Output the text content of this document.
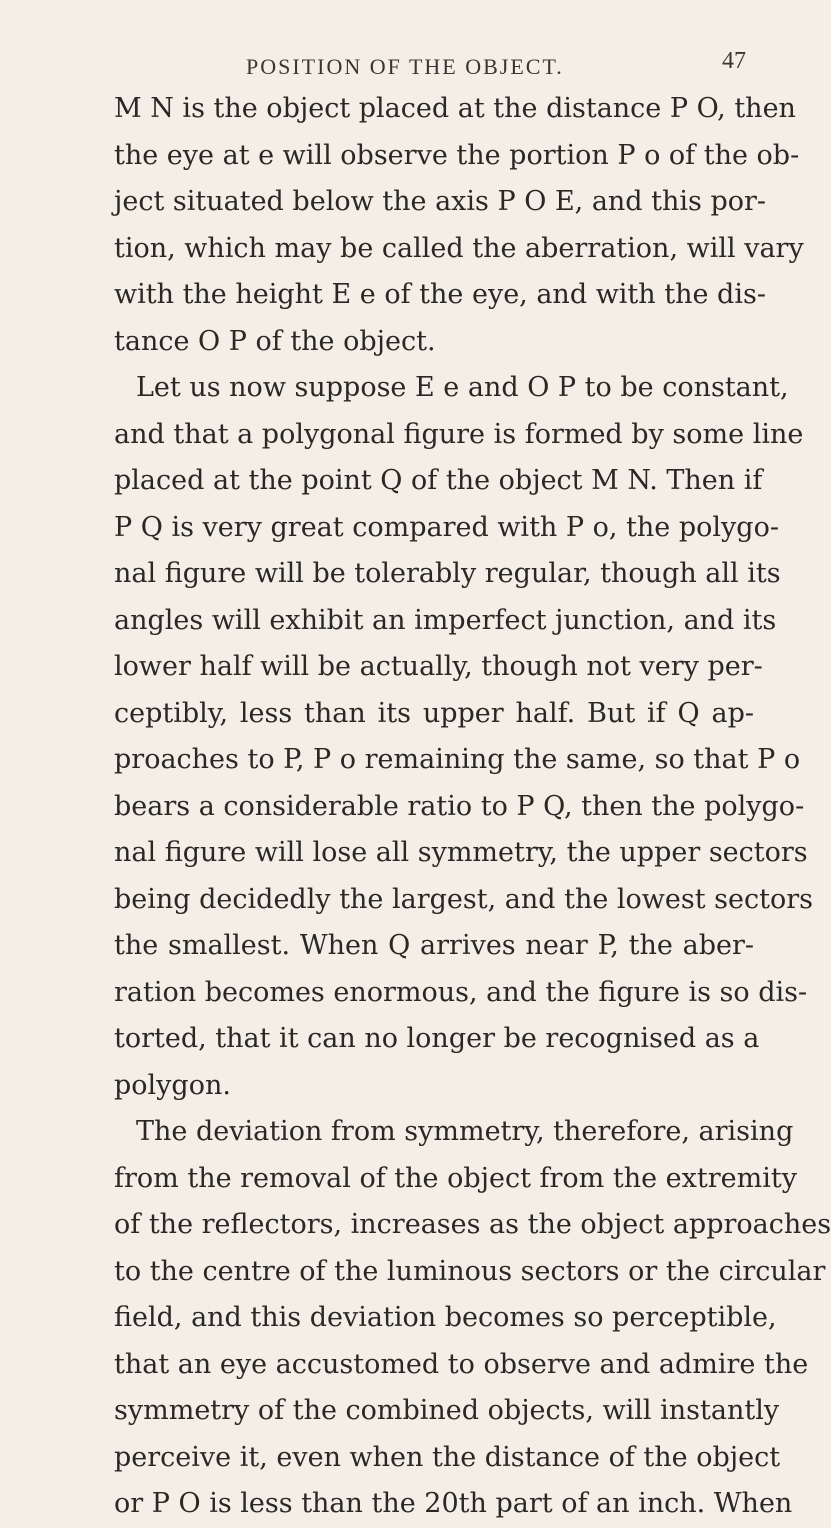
POSITION OF THE OBJECT.	47
M N is the object placed at the distance P O, then
the eye at e will observe the portion P o of the ob-
ject situated below the axis P O E, and this por-
tion, which may be called the aberration, will vary
with the height E e of the eye, and with the dis-
tance O P of the object.
Let us now suppose E e and O P to be constant,
and that a polygonal figure is formed by some line
placed at the point Q of the object M N. Then if
P Q is very great compared with P o, the polygo-
nal figure will be tolerably regular, though all its
angles will exhibit an imperfect junction, and its
lower half will be actually, though not very per-
ceptibly, less than its upper half. But if Q ap-
proaches to P, P o remaining the same, so that P o
bears a considerable ratio to P Q, then the polygo-
nal figure will lose all symmetry, the upper sectors
being decidedly the largest, and the lowest sectors
the smallest. When Q arrives near P, the aber-
ration becomes enormous, and the figure is so dis-
torted, that it can no longer be recognised as a
polygon.
The deviation from symmetry, therefore, arising
from the removal of the object from the extremity
of the reflectors, increases as the object approaches
to the centre of the luminous sectors or the circular
field, and this deviation becomes so perceptible,
that an eye accustomed to observe and admire the
symmetry of the combined objects, will instantly
perceive it, even when the distance of the object
or P O is less than the 20th part of an inch. When
